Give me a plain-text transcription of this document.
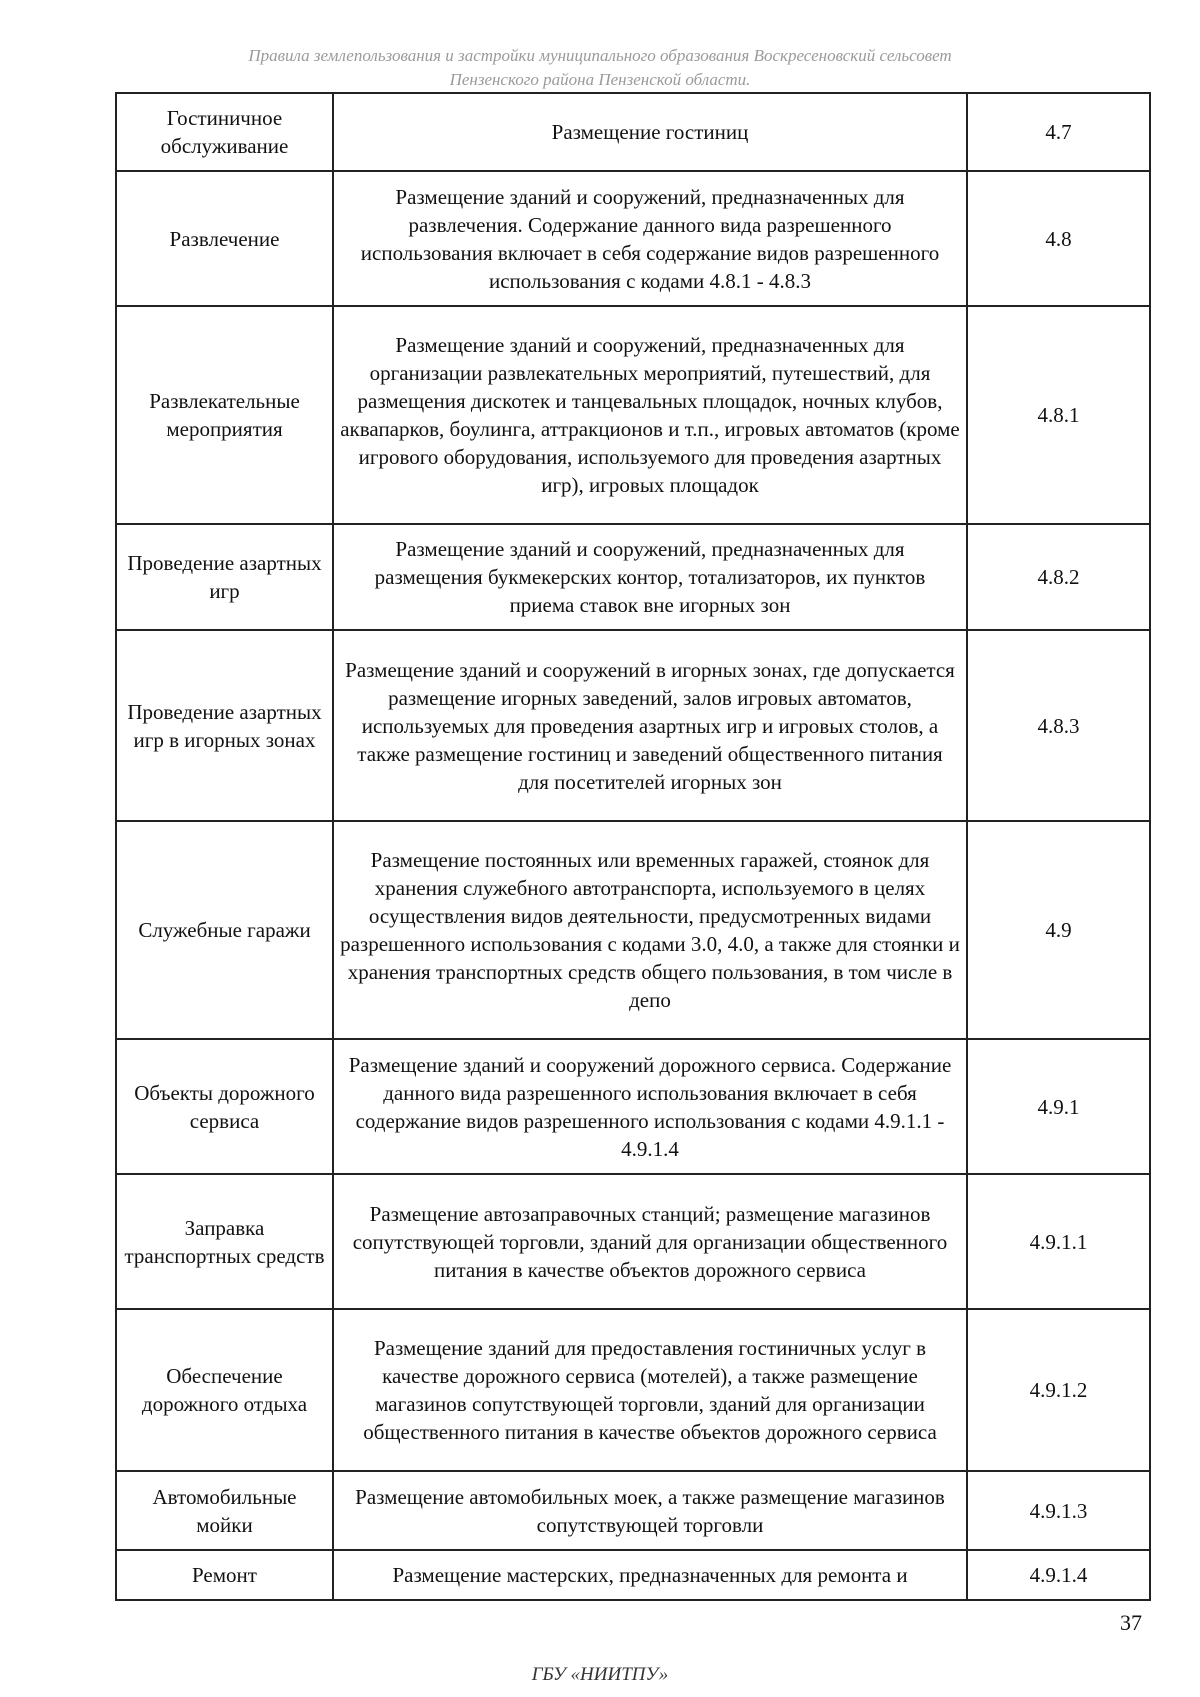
Правила землепользования и застройки муниципального образования Воскресеновский сельсовет
Пензенского района Пензенской области.
Гостиничное обслуживание	Размещение гостиниц	4.7
Развлечение	Размещение зданий и сооружений, предназначенных для развлечения. Содержание данного вида разрешенного использования включает в себя содержание видов разрешенного использования с кодами 4.8.1 - 4.8.3	4.8
Развлекательные мероприятия	Размещение зданий и сооружений, предназначенных для организации развлекательных мероприятий, путешествий, для размещения дискотек и танцевальных площадок, ночных клубов, аквапарков, боулинга, аттракционов и т.п., игровых автоматов (кроме игрового оборудования, используемого для проведения азартных игр), игровых площадок	4.8.1
Проведение азартных игр	Размещение зданий и сооружений, предназначенных для размещения букмекерских контор, тотализаторов, их пунктов приема ставок вне игорных зон	4.8.2
Проведение азартных игр в игорных зонах	Размещение зданий и сооружений в игорных зонах, где допускается размещение игорных заведений, залов игровых автоматов, используемых для проведения азартных игр и игровых столов, а также размещение гостиниц и заведений общественного питания для посетителей игорных зон	4.8.3
Служебные гаражи	Размещение постоянных или временных гаражей, стоянок для хранения служебного автотранспорта, используемого в целях осуществления видов деятельности, предусмотренных видами разрешенного использования с кодами 3.0, 4.0, а также для стоянки и хранения транспортных средств общего пользования, в том числе в депо	4.9
Объекты дорожного сервиса	Размещение зданий и сооружений дорожного сервиса. Содержание данного вида разрешенного использования включает в себя содержание видов разрешенного использования с кодами 4.9.1.1 - 4.9.1.4	4.9.1
Заправка транспортных средств	Размещение автозаправочных станций; размещение магазинов сопутствующей торговли, зданий для организации общественного питания в качестве объектов дорожного сервиса	4.9.1.1
Обеспечение дорожного отдыха	Размещение зданий для предоставления гостиничных услуг в качестве дорожного сервиса (мотелей), а также размещение магазинов сопутствующей торговли, зданий для организации общественного питания в качестве объектов дорожного сервиса	4.9.1.2
Автомобильные мойки	Размещение автомобильных моек, а также размещение магазинов сопутствующей торговли	4.9.1.3
Ремонт	Размещение мастерских, предназначенных для ремонта и	4.9.1.4
37
ГБУ «НИИТПУ»
